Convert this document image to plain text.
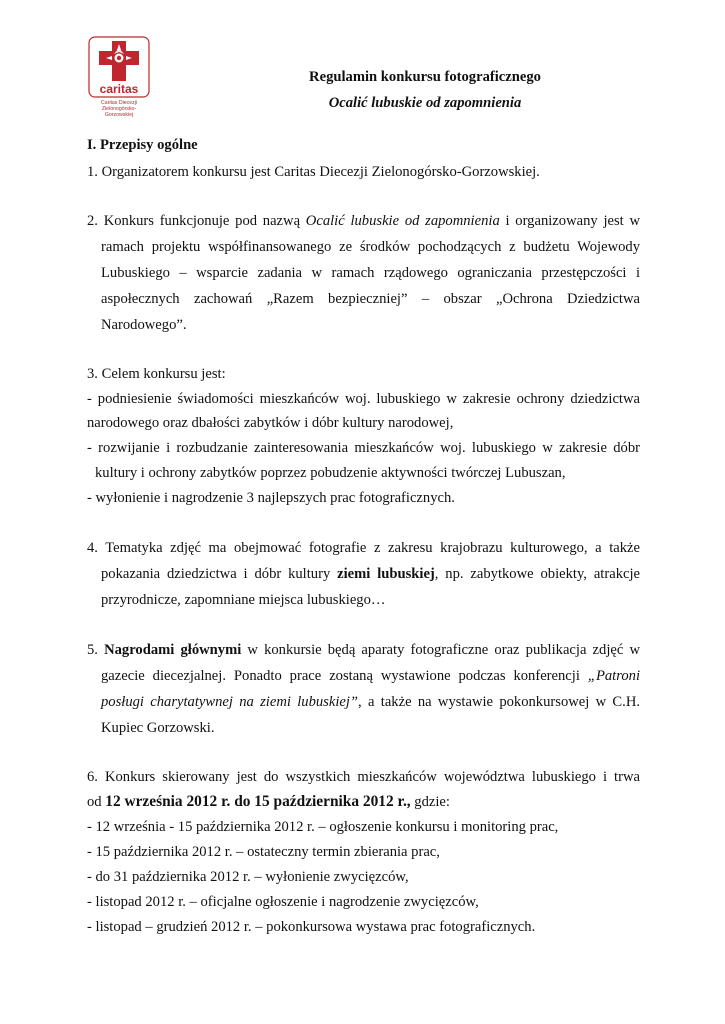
caritas
Caritas Diecezji
Zielonogórsko-Gorzowskiej
Regulamin konkursu fotograficznego
Ocalić lubuskie od zapomnienia
I. Przepisy ogólne
1. Organizatorem konkursu jest Caritas Diecezji Zielonogórsko-Gorzowskiej.
2. Konkurs funkcjonuje pod nazwą Ocalić lubuskie od zapomnienia i organizowany jest w
ramach projektu współfinansowanego ze środków pochodzących z budżetu Wojewody
Lubuskiego – wsparcie zadania w ramach rządowego ograniczania przestępczości i
aspołecznych zachowań „Razem bezpieczniej” – obszar „Ochrona Dziedzictwa
Narodowego”.
3. Celem konkursu jest:
- podniesienie świadomości mieszkańców woj. lubuskiego w zakresie ochrony dziedzictwa
narodowego oraz dbałości zabytków i dóbr kultury narodowej,
- rozwijanie i rozbudzanie zainteresowania mieszkańców woj. lubuskiego w zakresie dóbr
kultury i ochrony zabytków poprzez pobudzenie aktywności twórczej Lubuszan,
- wyłonienie i nagrodzenie 3 najlepszych prac fotograficznych.
4. Tematyka zdjęć ma obejmować fotografie z zakresu krajobrazu kulturowego, a także
pokazania dziedzictwa i dóbr kultury ziemi lubuskiej, np. zabytkowe obiekty, atrakcje
przyrodnicze, zapomniane miejsca lubuskiego…
5. Nagrodami głównymi w konkursie będą aparaty fotograficzne oraz publikacja zdjęć w
gazecie diecezjalnej. Ponadto prace zostaną wystawione podczas konferencji „Patroni
posługi charytatywnej na ziemi lubuskiej”, a także na wystawie pokonkursowej w C.H.
Kupiec Gorzowski.
6. Konkurs skierowany jest do wszystkich mieszkańców województwa lubuskiego i trwa
od 12 września 2012 r. do 15 października 2012 r., gdzie:
- 12 września - 15 października 2012 r. – ogłoszenie konkursu i monitoring prac,
- 15 października 2012 r. – ostateczny termin zbierania prac,
- do 31 października 2012 r. – wyłonienie zwycięzców,
- listopad 2012 r. – oficjalne ogłoszenie i nagrodzenie zwycięzców,
- listopad – grudzień 2012 r. – pokonkursowa wystawa prac fotograficznych.
